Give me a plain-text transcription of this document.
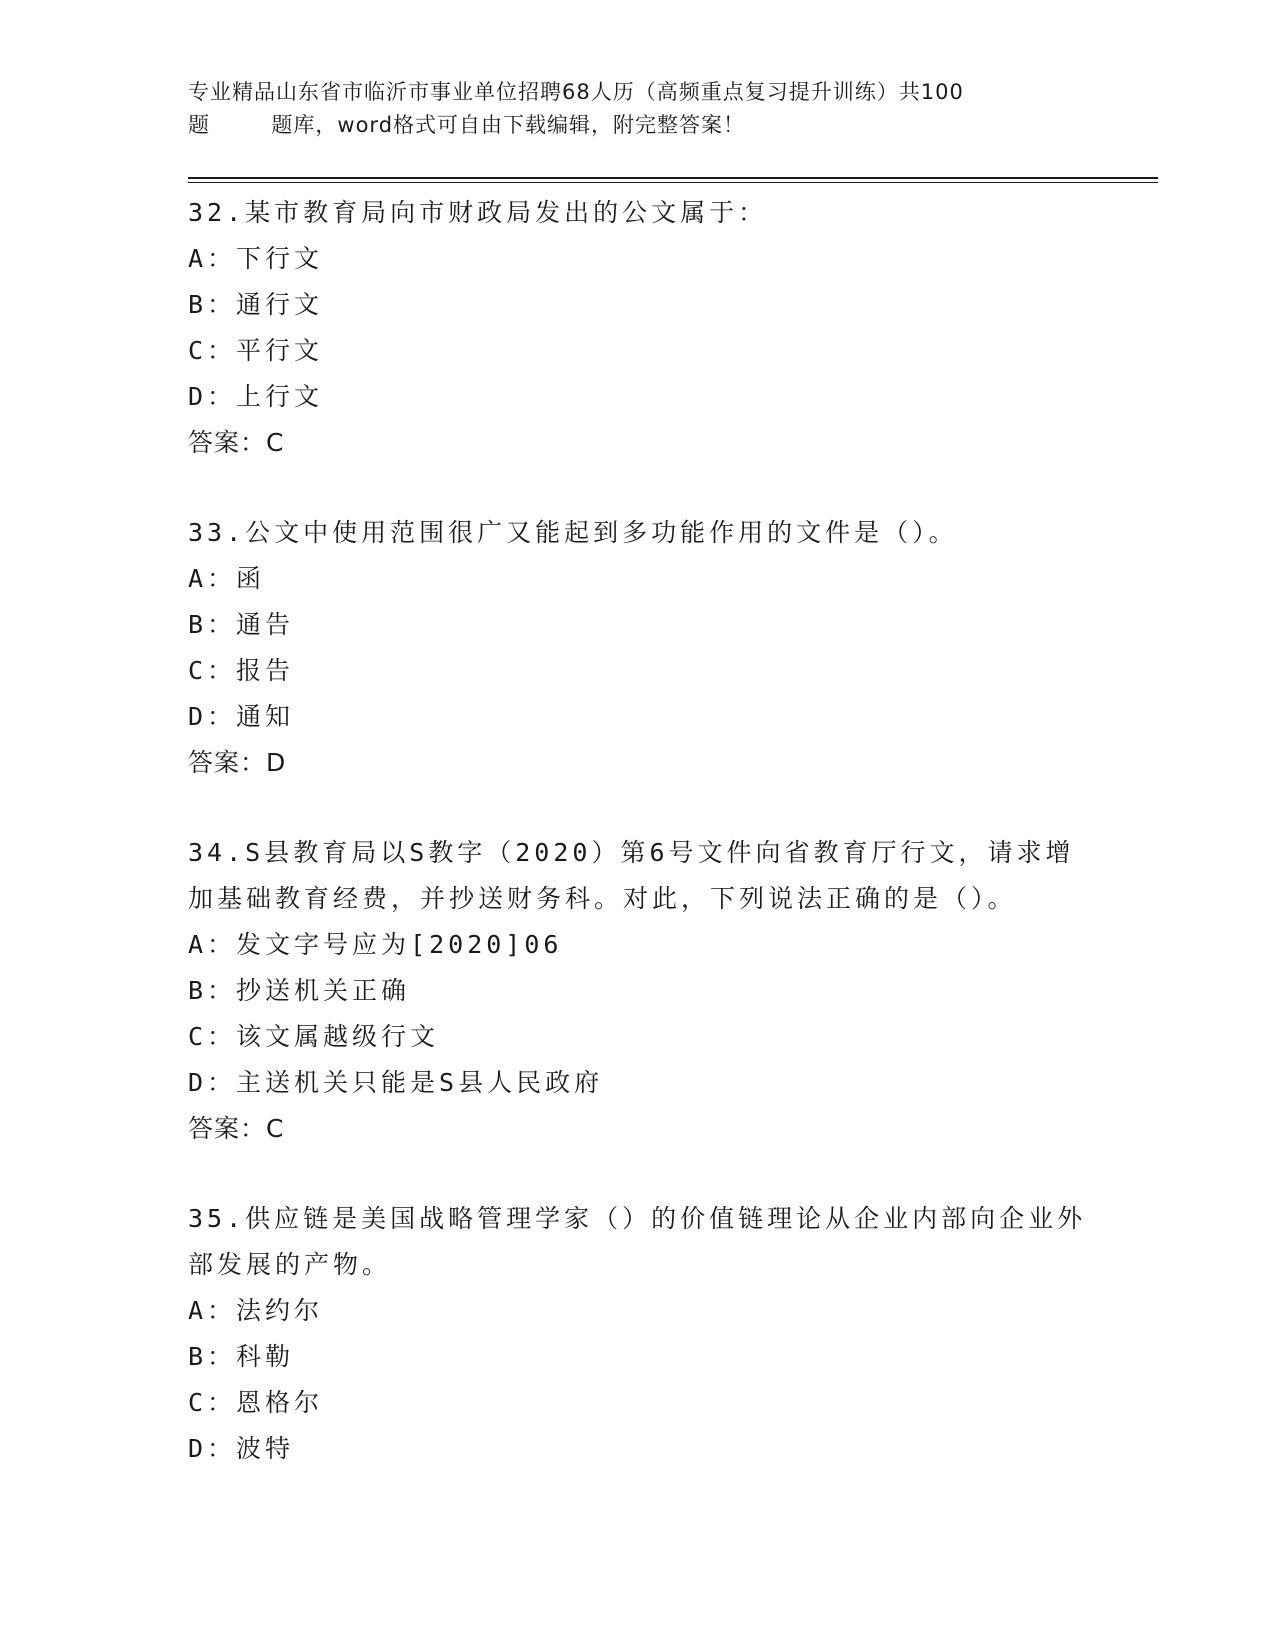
专业精品山东省市临沂市事业单位招聘68人历（高频重点复习提升训练）共100
题        题库，word格式可自由下载编辑，附完整答案！
32.某市教育局向市财政局发出的公文属于：
A：下行文
B：通行文
C：平行文
D：上行文
答案：C
33.公文中使用范围很广又能起到多功能作用的文件是（）。
A：函
B：通告
C：报告
D：通知
答案：D
34.S县教育局以S教字（2020）第6号文件向省教育厅行文，请求增
加基础教育经费，并抄送财务科。对此，下列说法正确的是（）。
A：发文字号应为[2020]06
B：抄送机关正确
C：该文属越级行文
D：主送机关只能是S县人民政府
答案：C
35.供应链是美国战略管理学家（）的价值链理论从企业内部向企业外
部发展的产物。
A：法约尔
B：科勒
C：恩格尔
D：波特
